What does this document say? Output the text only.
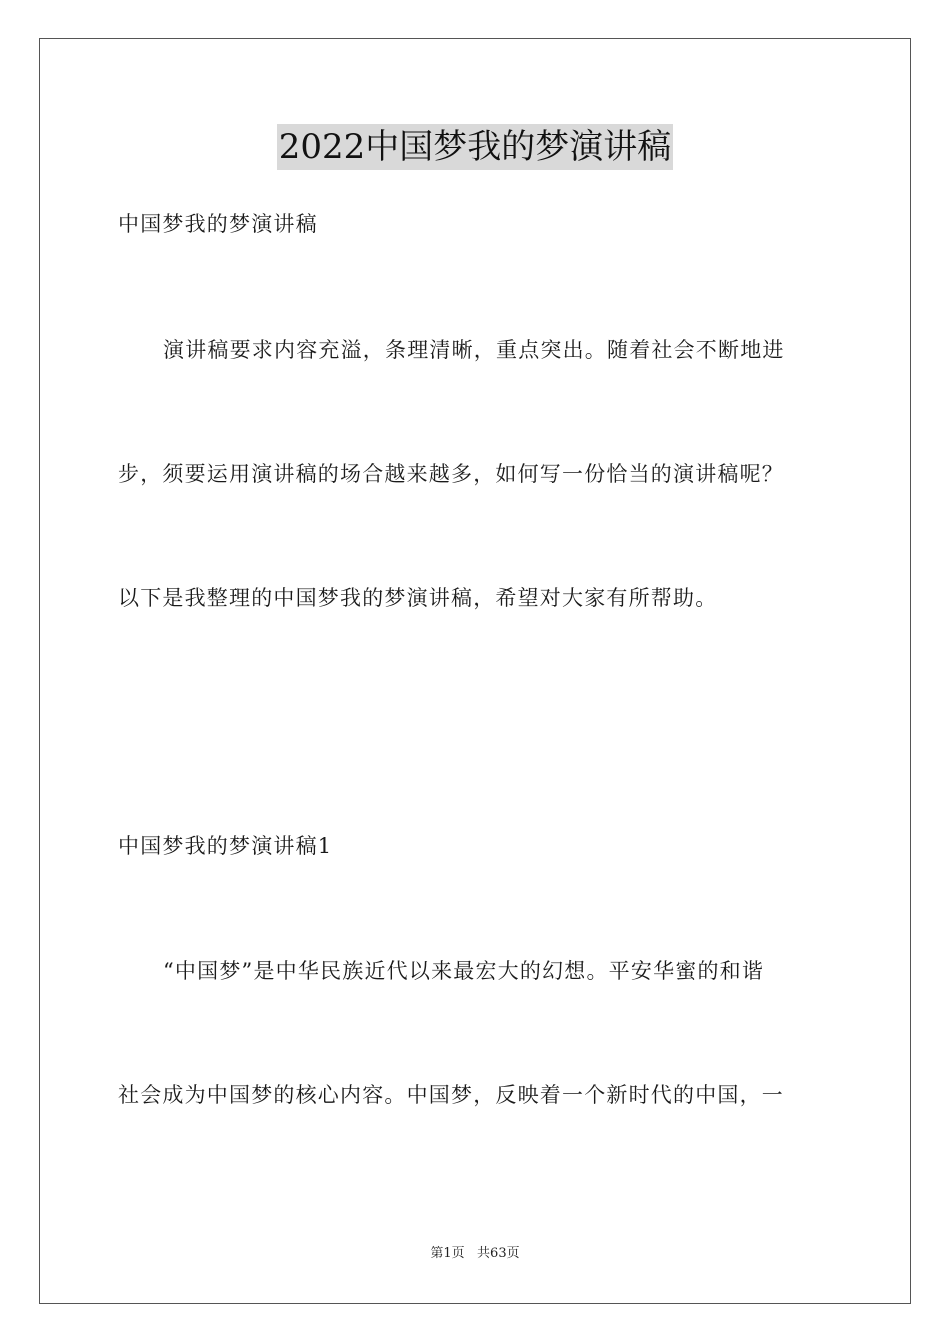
2022中国梦我的梦演讲稿
中国梦我的梦演讲稿
演讲稿要求内容充溢，条理清晰，重点突出。随着社会不断地进
步，须要运用演讲稿的场合越来越多，如何写一份恰当的演讲稿呢？
以下是我整理的中国梦我的梦演讲稿，希望对大家有所帮助。
中国梦我的梦演讲稿1
“中国梦”是中华民族近代以来最宏大的幻想。平安华蜜的和谐
社会成为中国梦的核心内容。中国梦，反映着一个新时代的中国，一
第1页   共63页
